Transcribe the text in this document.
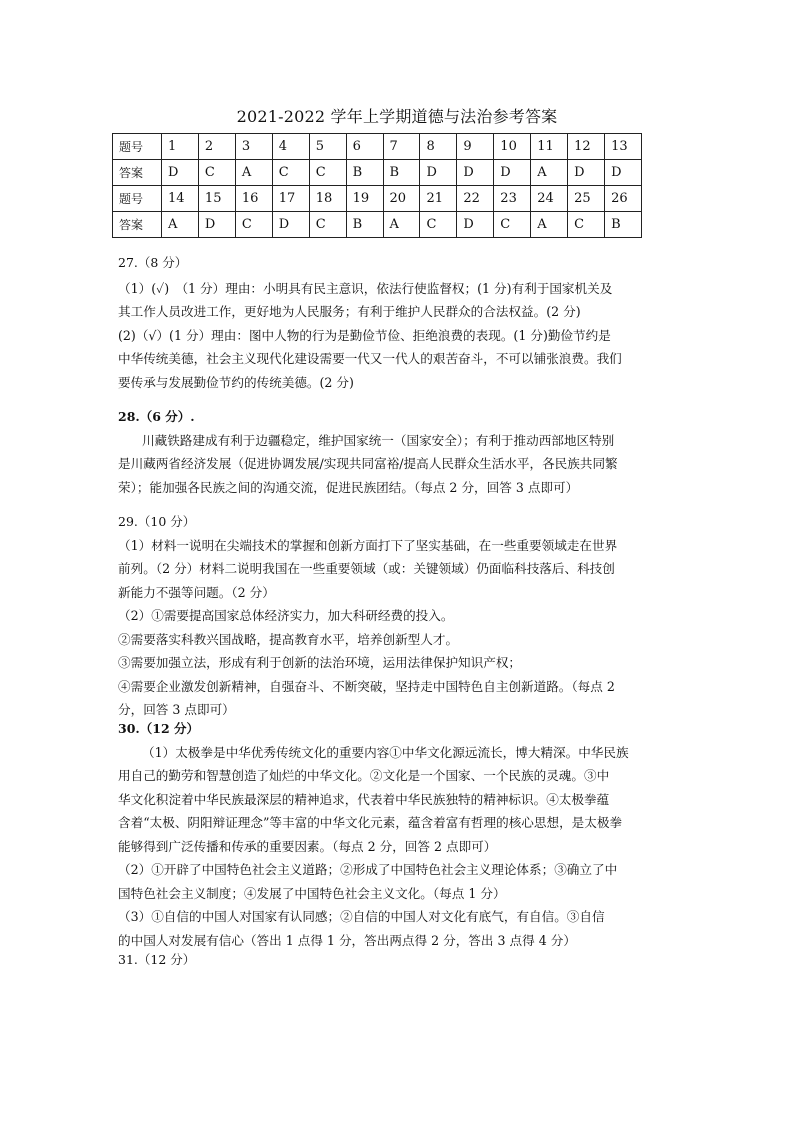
2021-2022 学年上学期道德与法治参考答案
题号	1	2	3	4	5	6	7	8	9	10	11	12	13
答案	D	C	A	C	C	B	B	D	D	D	A	D	D
题号	14	15	16	17	18	19	20	21	22	23	24	25	26
答案	A	D	C	D	C	B	A	C	D	C	A	C	B

27.（8 分）

（1）(✓)　（1 分）理由：小明具有民主意识，依法行使监督权；(1 分)有利于国家机关及

其工作人员改进工作，更好地为人民服务；有利于维护人民群众的合法权益。(2 分)

(2)（√）(1 分）理由：图中人物的行为是勤俭节俭、拒绝浪费的表现。(1 分)勤俭节约是

中华传统美德，社会主义现代化建设需要一代又一代人的艰苦奋斗，不可以铺张浪费。我们

要传承与发展勤俭节约的传统美德。(2 分)

28.（6 分）.

川藏铁路建成有利于边疆稳定，维护国家统一（国家安全）；有利于推动西部地区特别

是川藏两省经济发展（促进协调发展/实现共同富裕/提高人民群众生活水平，各民族共同繁

荣）；能加强各民族之间的沟通交流，促进民族团结。（每点 2 分，回答 3 点即可）

29.（10 分）

（1）材料一说明在尖端技术的掌握和创新方面打下了坚实基础，在一些重要领域走在世界

前列。（2 分）材料二说明我国在一些重要领域（或：关键领域）仍面临科技落后、科技创

新能力不强等问题。（2 分）

（2）①需要提高国家总体经济实力，加大科研经费的投入。

②需要落实科教兴国战略，提高教育水平，培养创新型人才。

③需要加强立法，形成有利于创新的法治环境，运用法律保护知识产权；

④需要企业激发创新精神，自强奋斗、不断突破，坚持走中国特色自主创新道路。（每点 2

分，回答 3 点即可）

30.（12 分）

（1）太极拳是中华优秀传统文化的重要内容①中华文化源远流长，博大精深。中华民族

用自己的勤劳和智慧创造了灿烂的中华文化。②文化是一个国家、一个民族的灵魂。③中

华文化积淀着中华民族最深层的精神追求，代表着中华民族独特的精神标识。④太极拳蕴

含着“太极、阴阳辩证理念”等丰富的中华文化元素，蕴含着富有哲理的核心思想，是太极拳

能够得到广泛传播和传承的重要因素。（每点 2 分，回答 2 点即可）

（2）①开辟了中国特色社会主义道路；②形成了中国特色社会主义理论体系；③确立了中

国特色社会主义制度；④发展了中国特色社会主义文化。（每点 1 分）

（3）①自信的中国人对国家有认同感；②自信的中国人对文化有底气，有自信。③自信

的中国人对发展有信心（答出 1 点得 1 分，答出两点得 2 分，答出 3 点得 4 分）

31.（12 分）
